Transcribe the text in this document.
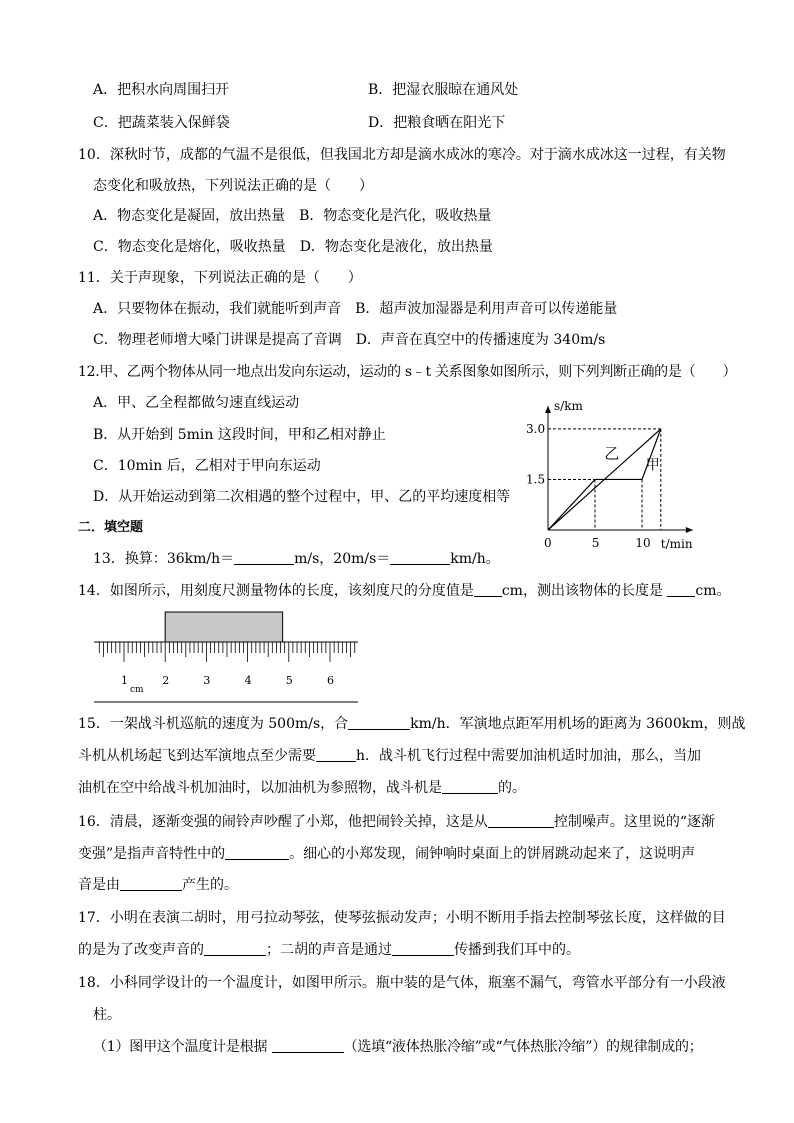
A．把积水向周围扫开	B．把湿衣服晾在通风处
C．把蔬菜装入保鲜袋	D．把粮食晒在阳光下
10．深秋时节，成都的气温不是很低，但我国北方却是滴水成冰的寒冷。对于滴水成冰这一过程，有关物
态变化和吸放热，下列说法正确的是（　　）
A．物态变化是凝固，放出热量　B．物态变化是汽化，吸收热量
C．物态变化是熔化，吸收热量　D．物态变化是液化，放出热量
11．关于声现象，下列说法正确的是（　　）
A．只要物体在振动，我们就能听到声音　B．超声波加湿器是利用声音可以传递能量
C．物理老师增大嗓门讲课是提高了音调　D．声音在真空中的传播速度为 340m/s
12.甲、乙两个物体从同一地点出发向东运动，运动的 s﹣t 关系图象如图所示，则下列判断正确的是（　　）
A．甲、乙全程都做匀速直线运动
B．从开始到 5min 这段时间，甲和乙相对静止
C．10min 后，乙相对于甲向东运动
D．从开始运动到第二次相遇的整个过程中，甲、乙的平均速度相等
s/km
t/min
0	5	10
1.5
3.0
乙
甲
二．填空题
13．换算：36km/h＝	m/s，20m/s＝	km/h。
14．如图所示，用刻度尺测量物体的长度，该刻度尺的分度值是 cm，测出该物体的长度是 cm。
1	2	3	4	5	6
cm
15．一架战斗机巡航的速度为 500m/s，合	km/h．军演地点距军用机场的距离为 3600km，则战
斗机从机场起飞到达军演地点至少需要	h．战斗机飞行过程中需要加油机适时加油，那么，当加
油机在空中给战斗机加油时，以加油机为参照物，战斗机是	的。
16．清晨，逐渐变强的闹铃声吵醒了小郑，他把闹铃关掉，这是从	控制噪声。这里说的“逐渐
变强”是指声音特性中的	。细心的小郑发现，闹钟响时桌面上的饼屑跳动起来了，这说明声
音是由	产生的。
17．小明在表演二胡时，用弓拉动琴弦，使琴弦振动发声；小明不断用手指去控制琴弦长度，这样做的目
的是为了改变声音的	；二胡的声音是通过	传播到我们耳中的。
18．小科同学设计的一个温度计，如图甲所示。瓶中装的是气体，瓶塞不漏气，弯管水平部分有一小段液
柱。
（1）图甲这个温度计是根据	（选填“液体热胀冷缩”或“气体热胀冷缩”）的规律制成的；
